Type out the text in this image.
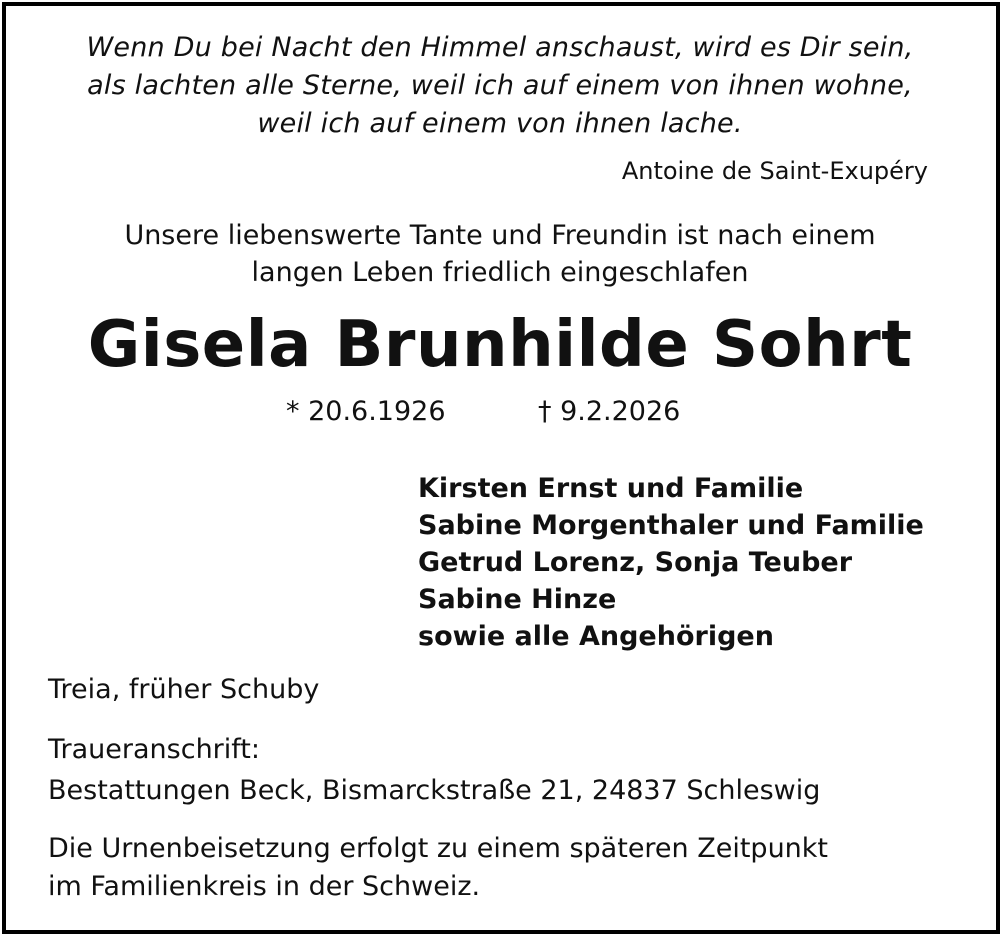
Wenn Du bei Nacht den Himmel anschaust, wird es Dir sein,
als lachten alle Sterne, weil ich auf einem von ihnen wohne,
weil ich auf einem von ihnen lache.
Antoine de Saint-Exupéry
Unsere liebenswerte Tante und Freundin ist nach einem
langen Leben friedlich eingeschlafen
Gisela Brunhilde Sohrt
* 20.6.1926	† 9.2.2026
Kirsten Ernst und Familie
Sabine Morgenthaler und Familie
Getrud Lorenz, Sonja Teuber
Sabine Hinze
sowie alle Angehörigen
Treia, früher Schuby
Traueranschrift:
Bestattungen Beck, Bismarckstraße 21, 24837 Schleswig
Die Urnenbeisetzung erfolgt zu einem späteren Zeitpunkt
im Familienkreis in der Schweiz.
